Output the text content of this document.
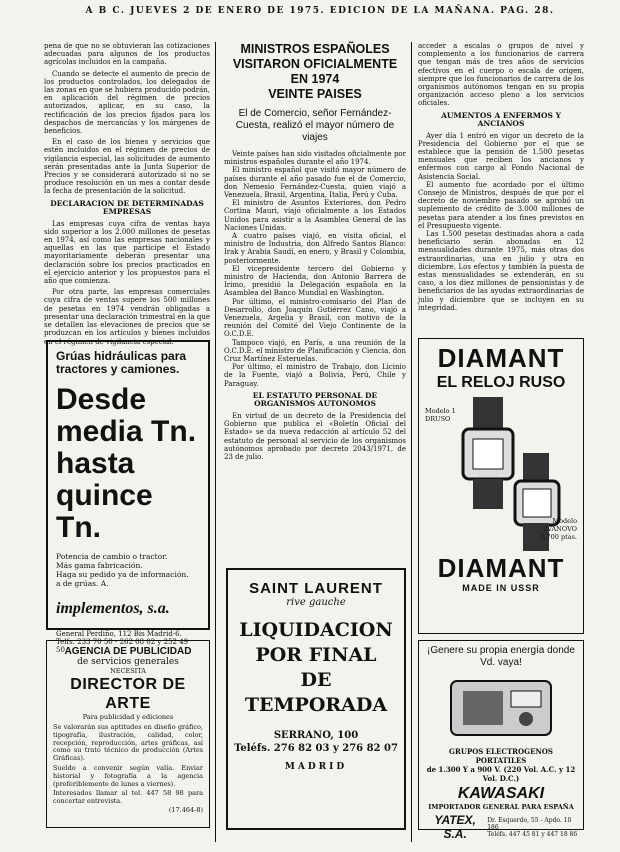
A B C. JUEVES 2 DE ENERO DE 1975. EDICION DE LA MAÑANA. PAG. 28.
pena de que no se obtuvieran las cotizaciones adecuadas para algunos de los productos agrícolas incluidos en la campaña.
Cuando se detecte el aumento de precio de los productos controlados, los delegados de las zonas en que se hubiera producido podrán, en aplicación del régimen de precios autorizados, aplicar, en su caso, la rectificación de los precios fijados para los despachos de mercancías y los márgenes de beneficios.
En el caso de los bienes y servicios que estén incluidos en el régimen de precios de vigilancia especial, las solicitudes de aumento serán presentadas ante la Junta Superior de Precios y se considerará autorizado si no se produce resolución en un mes a contar desde la fecha de presentación de la solicitud.
DECLARACION DE DETERMINADAS EMPRESAS
Las empresas cuya cifra de ventas haya sido superior a los 2.000 millones de pesetas en 1974, así como las empresas nacionales y aquellas en las que participe el Estado mayoritariamente deberán presentar una declaración sobre los precios practicados en el ejercicio anterior y los propuestos para el año que comienza.
Por otra parte, las empresas comerciales cuya cifra de ventas supere los 500 millones de pesetas en 1974 vendrán obligadas a presentar una declaración trimestral en la que se detallen las elevaciones de precios que se produzcan en los artículos y bienes incluidos en el régimen de vigilancia especial.
Grúas hidráulicas para
tractores y camiones.
Desde
media Tn.
hasta
quince Tn.
Potencia de cambio o tractor.
Más gama fabricación.
Haga su pedido ya de información.
a de grúas. A.
implementos, s.a.
General Perdiño, 112 Bis Madrid-6.
Telfs. 233 70 50 - 262 08 02 y 252 49 50.
AGENCIA DE PUBLICIDAD
de servicios generales
NECESITA
DIRECTOR DE ARTE
Para publicidad y ediciones
Se valorarán sus aptitudes en diseño gráfico, tipografía, ilustración, calidad, color, recepción, reproducción, artes gráficas, así como su trato técnico de producción (Artes Gráficas).
Sueldo a convenir según valía. Enviar historial y fotografía a la agencia (preferiblemente de lunes a viernes).
Interesados llamar al tel. 447 58 98 para concertar entrevista.
(17.464-8)
MINISTROS ESPAÑOLES VISITARON OFICIALMENTE EN 1974
VEINTE PAISES
El de Comercio, señor Fernández-Cuesta, realizó el mayor número de viajes
Veinte países han sido visitados oficialmente por ministros españoles durante el año 1974.
El ministro español que visitó mayor número de países durante el año pasado fue el de Comercio, don Nemesio Fernández-Cuesta, quien viajó a Venezuela, Brasil, Argentina, Italia, Perú y Cuba.
El ministro de Asuntos Exteriores, don Pedro Cortina Mauri, viajó oficialmente a los Estados Unidos para asistir a la Asamblea General de las Naciones Unidas.
A cuatro países viajó, en visita oficial, el ministro de Industria, don Alfredo Santos Blanco: Irak y Arabia Saudí, en enero, y Brasil y Colombia, posteriormente.
El vicepresidente tercero del Gobierno y ministro de Hacienda, don Antonio Barrera de Irimo, presidió la Delegación española en la Asamblea del Banco Mundial en Washington.
Por último, el ministro-comisario del Plan de Desarrollo, don Joaquín Gutiérrez Cano, viajó a Venezuela, Argelia y Brasil, con motivo de la reunión del Comité del Viejo Continente de la O.C.D.E.
Tampoco viajó, en París, a una reunión de la O.C.D.E. el ministro de Planificación y Ciencia, don Cruz Martínez Esteruelas.
Por último, el ministro de Trabajo, don Licinio de la Fuente, viajó a Bolivia, Perú, Chile y Paraguay.
EL ESTATUTO PERSONAL DE ORGANISMOS AUTONOMOS
En virtud de un decreto de la Presidencia del Gobierno que publica el «Boletín Oficial del Estado» se da nueva redacción al artículo 52 del estatuto de personal al servicio de los organismos autónomos aprobado por decreto 2043/1971, de 23 de julio.
SAINT LAURENT
rive gauche
LIQUIDACION
POR FINAL
DE
TEMPORADA
SERRANO, 100
Teléfs. 276 82 03 y 276 82 07
MADRID
acceder a escalas o grupos de nivel y complemento a los funcionarios de carrera que tengan más de tres años de servicios efectivos en el cuerpo o escala de origen, siempre que los funcionarios de carrera de los organismos autónomos tengan en su propia organización acceso pleno a los servicios oficiales.
AUMENTOS A ENFERMOS Y ANCIANOS
Ayer día 1 entró en vigor un decreto de la Presidencia del Gobierno por el que se establece que la pensión de 1.500 pesetas mensuales que reciben los ancianos y enfermos con cargo al Fondo Nacional de Asistencia Social.
El aumento fue acordado por el último Consejo de Ministros, después de que por el decreto de noviembre pasado se aprobó un suplemento de crédito de 3.000 millones de pesetas para atender a los fines previstos en el Presupuesto vigente.
Las 1.500 pesetas destinadas ahora a cada beneficiario serán abonadas en 12 mensualidades durante 1975, más otras dos extraordinarias, una en julio y otra en diciembre. Los efectos y también la puesta de estas mensualidades se extenderán, en su caso, a los diez millones de pensionistas y de beneficiarios de las ayudas extraordinarias de julio y diciembre que se incluyen en su integridad.
DIAMANT
EL RELOJ RUSO
Modelo 1
DRUSO
Modelo
IVANOVO
7.700 ptas.
DIAMANT
MADE IN USSR
¡Genere su propia energía donde Vd. vaya!
GRUPOS ELECTROGENOS PORTATILES
de 1.300 Y a 900 V. (220 Vol. A.C. y 12 Vol. D.C.)
KAWASAKI
IMPORTADOR GENERAL PARA ESPAÑA
YATEX, S.A.
Dr. Esquerdo, 55 - Apdo. 10 186
Teléfs. 447 45 81 y 447 18 86
